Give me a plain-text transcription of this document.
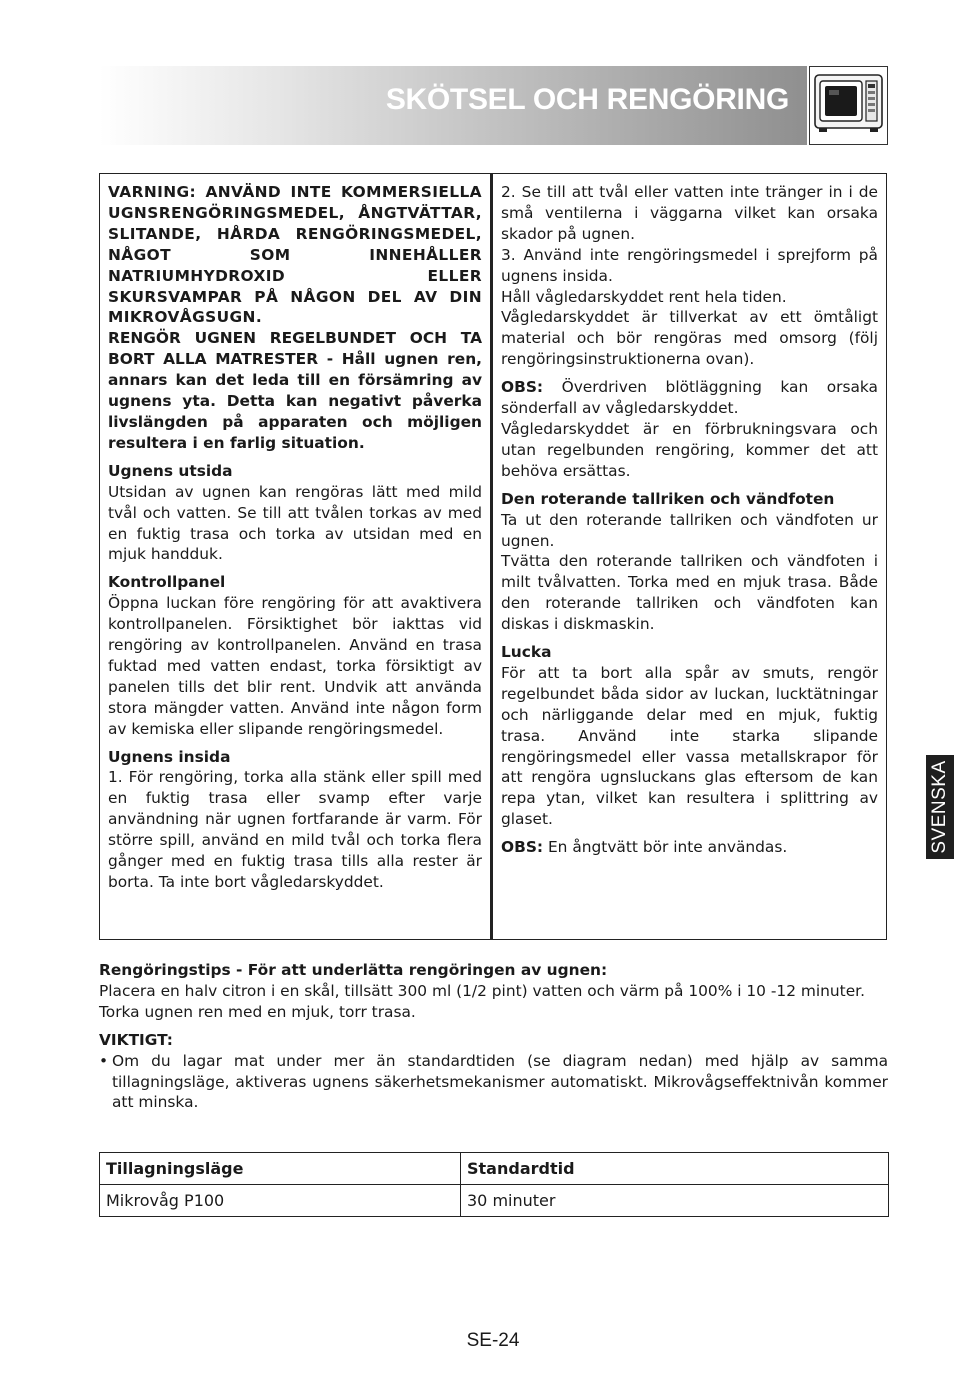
SKÖTSEL OCH RENGÖRING

VARNING: ANVÄND INTE KOMMERSIELLA UGNSRENGÖRINGSMEDEL, ÅNGTVÄTTAR, SLITANDE, HÅRDA RENGÖRINGSMEDEL, NÅGOT SOM INNEHÅLLER NATRIUMHYDROXID ELLER SKURSVAMPAR PÅ NÅGON DEL AV DIN MIKROVÅGSUGN.

RENGÖR UGNEN REGELBUNDET OCH TA BORT ALLA MATRESTER - Håll ugnen ren, annars kan det leda till en försämring av ugnens yta. Detta kan negativt påverka livslängden på apparaten och möjligen resultera i en farlig situation.

Ugnens utsida

Utsidan av ugnen kan rengöras lätt med mild tvål och vatten. Se till att tvålen torkas av med en fuktig trasa och torka av utsidan med en mjuk handduk.

Kontrollpanel

Öppna luckan före rengöring för att avaktivera kontrollpanelen. Försiktighet bör iakttas vid rengöring av kontrollpanelen. Använd en trasa fuktad med vatten endast, torka försiktigt av panelen tills det blir rent. Undvik att använda stora mängder vatten. Använd inte någon form av kemiska eller slipande rengöringsmedel.

Ugnens insida

1. För rengöring, torka alla stänk eller spill med en fuktig trasa eller svamp efter varje användning när ugnen fortfarande är varm. För större spill, använd en mild tvål och torka flera gånger med en fuktig trasa tills alla rester är borta. Ta inte bort vågledarskyddet.

2. Se till att tvål eller vatten inte tränger in i de små ventilerna i väggarna vilket kan orsaka skador på ugnen.

3. Använd inte rengöringsmedel i sprejform på ugnens insida.

Håll vågledarskyddet rent hela tiden.

Vågledarskyddet är tillverkat av ett ömtåligt material och bör rengöras med omsorg (följ rengöringsinstruktionerna ovan).

OBS: Överdriven blötläggning kan orsaka sönderfall av vågledarskyddet.

Vågledarskyddet är en förbrukningsvara och utan regelbunden rengöring, kommer det att behöva ersättas.

Den roterande tallriken och vändfoten

Ta ut den roterande tallriken och vändfoten ur ugnen.

Tvätta den roterande tallriken och vändfoten i milt tvålvatten. Torka med en mjuk trasa. Både den roterande tallriken och vändfoten kan diskas i diskmaskin.

Lucka

För att ta bort alla spår av smuts, rengör regelbundet båda sidor av luckan, lucktätningar och närliggande delar med en mjuk, fuktig trasa. Använd inte starka slipande rengöringsmedel eller vassa metallskrapor för att rengöra ugnsluckans glas eftersom de kan repa ytan, vilket kan resultera i splittring av glaset.

OBS: En ångtvätt bör inte användas.	SVENSKA

Rengöringstips - För att underlätta rengöringen av ugnen:

Placera en halv citron i en skål, tillsätt 300 ml (1/2 pint) vatten och värm på 100% i 10 -12 minuter.

Torka ugnen ren med en mjuk, torr trasa.

VIKTIGT:

• Om du lagar mat under mer än standardtiden (se diagram nedan) med hjälp av samma tillagningsläge, aktiveras ugnens säkerhetsmekanismer automatiskt. Mikrovågseffektnivån kommer att minska.

Tillagningsläge	Standardtid
Mikrovåg P100	30 minuter
SE-24
